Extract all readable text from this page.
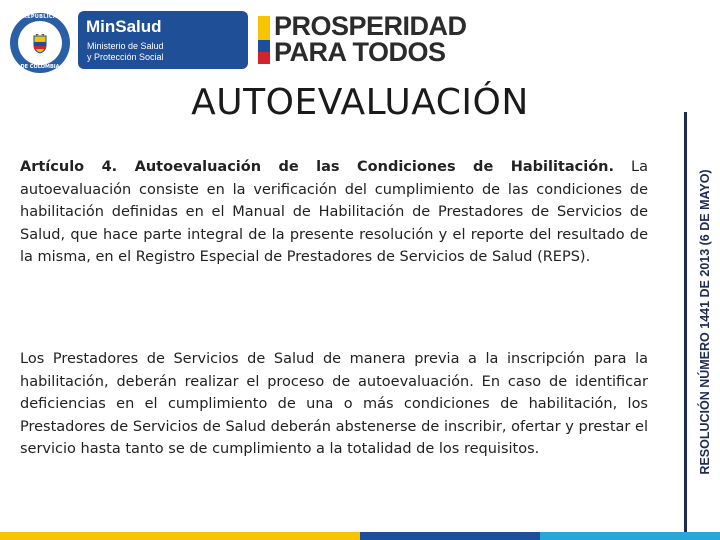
REPÚBLICA
DE COLOMBIA
MinSalud
Ministerio de Salud
y Protección Social
PROSPERIDAD
PARA TODOS
AUTOEVALUACIÓN
Artículo 4. Autoevaluación de las Condiciones de Habilitación. La autoevaluación consiste en la verificación del cumplimiento de las condiciones de habilitación definidas en el Manual de Habilitación de Prestadores de Servicios de Salud, que hace parte integral de la presente resolución y el reporte del resultado de la misma, en el Registro Especial de Prestadores de Servicios de Salud (REPS).
Los Prestadores de Servicios de Salud de manera previa a la inscripción para la habilitación, deberán realizar el proceso de autoevaluación. En caso de identificar deficiencias en el cumplimiento de una o más condiciones de habilitación, los Prestadores de Servicios de Salud deberán abstenerse de inscribir, ofertar y prestar el servicio hasta tanto se de cumplimiento a la totalidad de los requisitos.	RESOLUCIÓN NÚMERO 1441 DE 2013 (6 DE MAYO)
